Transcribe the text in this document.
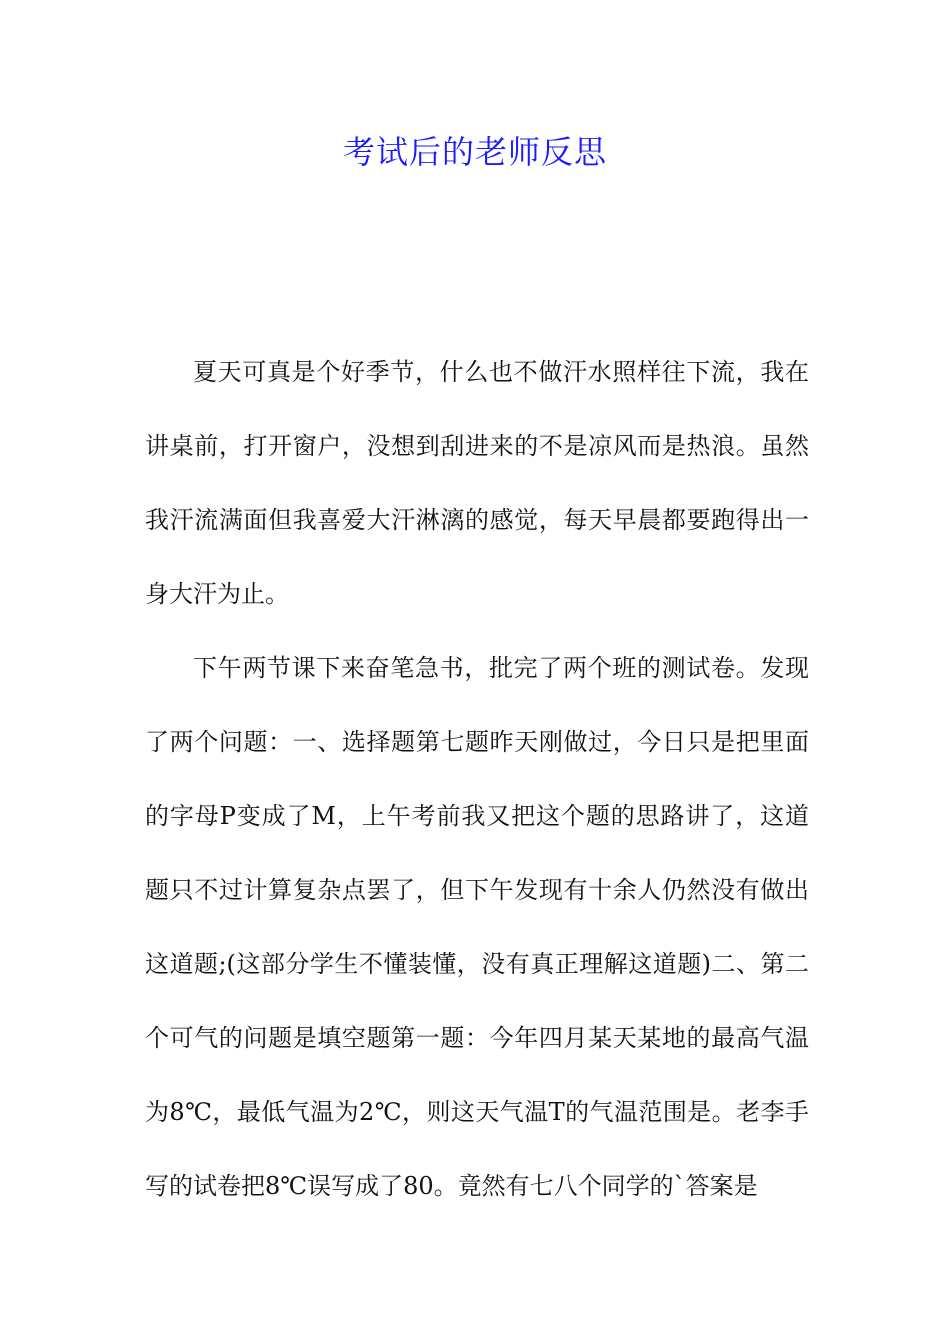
考试后的老师反思

夏天可真是个好季节，什么也不做汗水照样往下流，我在讲桌前，打开窗户，没想到刮进来的不是凉风而是热浪。虽然我汗流满面但我喜爱大汗淋漓的感觉，每天早晨都要跑得出一身大汗为止。

下午两节课下来奋笔急书，批完了两个班的测试卷。发现了两个问题：一、选择题第七题昨天刚做过，今日只是把里面的字母P变成了M，上午考前我又把这个题的思路讲了，这道题只不过计算复杂点罢了，但下午发现有十余人仍然没有做出这道题;(这部分学生不懂装懂，没有真正理解这道题)二、第二个可气的问题是填空题第一题：今年四月某天某地的最高气温为8℃，最低气温为2℃，则这天气温T的气温范围是。老李手写的试卷把8℃误写成了80。竟然有七八个同学的`答案是
